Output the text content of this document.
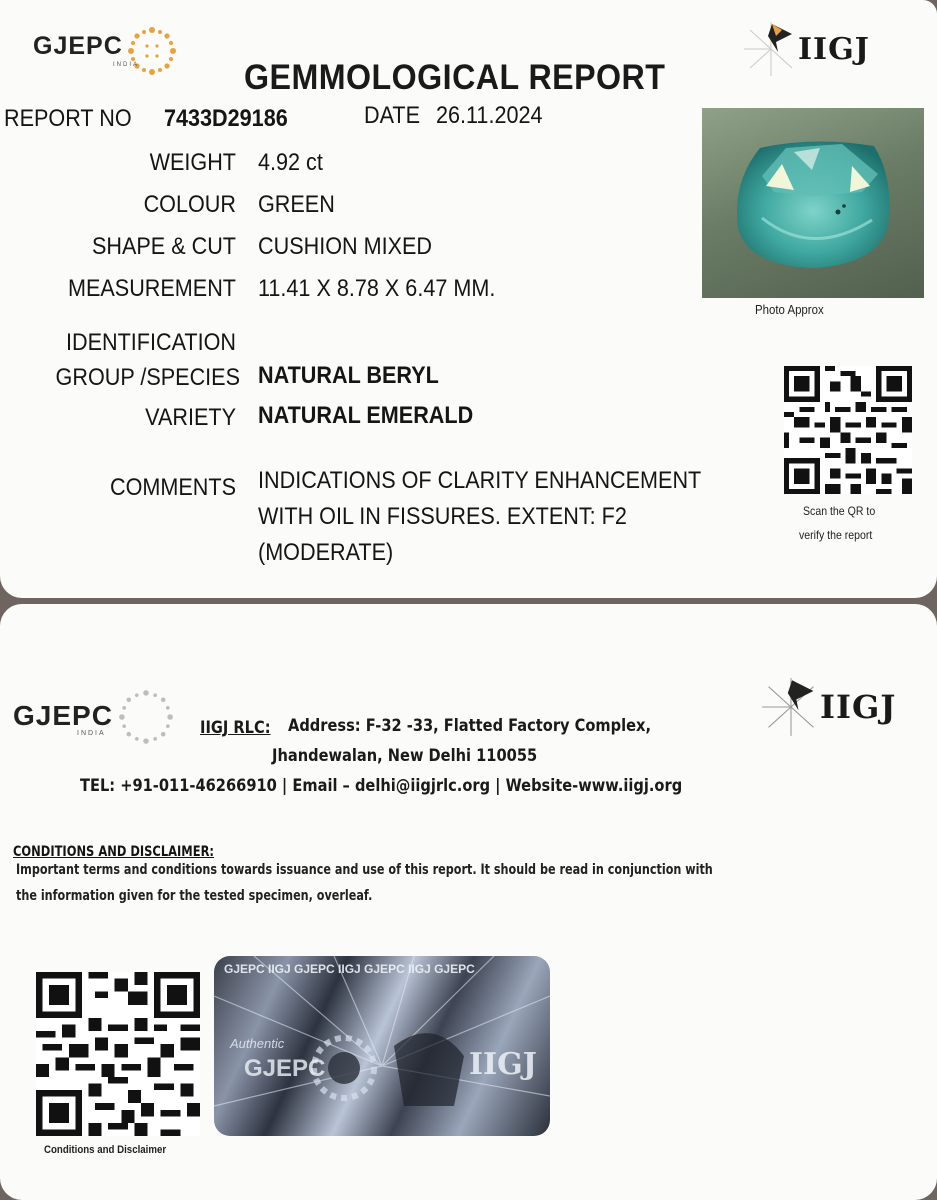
GJEPC
INDIA	IIGJ
GEMMOLOGICAL REPORT
REPORT NO 7433D29186	DATE 26.11.2024
WEIGHT 4.92 ct
COLOUR GREEN
SHAPE & CUT CUSHION MIXED
MEASUREMENT 11.41 X 8.78 X 6.47 MM.
IDENTIFICATION
GROUP /SPECIES NATURAL BERYL
VARIETY NATURAL EMERALD
COMMENTS INDICATIONS OF CLARITY ENHANCEMENT
WITH OIL IN FISSURES. EXTENT: F2
(MODERATE)
Photo Approx
Scan the QR to
verify the report
GJEPC
INDIA
IIGJ
IIGJ RLC: Address: F-32 -33, Flatted Factory Complex,
Jhandewalan, New Delhi 110055
TEL: +91-011-46266910 | Email – delhi@iigjrlc.org | Website-www.iigj.org
CONDITIONS AND DISCLAIMER:
Important terms and conditions towards issuance and use of this report. It should be read in conjunction with
the information given for the tested specimen, overleaf.
Conditions and Disclaimer
IIGJ
GJEPC
GJEPC IIGJ GJEPC IIGJ GJEPC IIGJ GJEPC
Authentic
